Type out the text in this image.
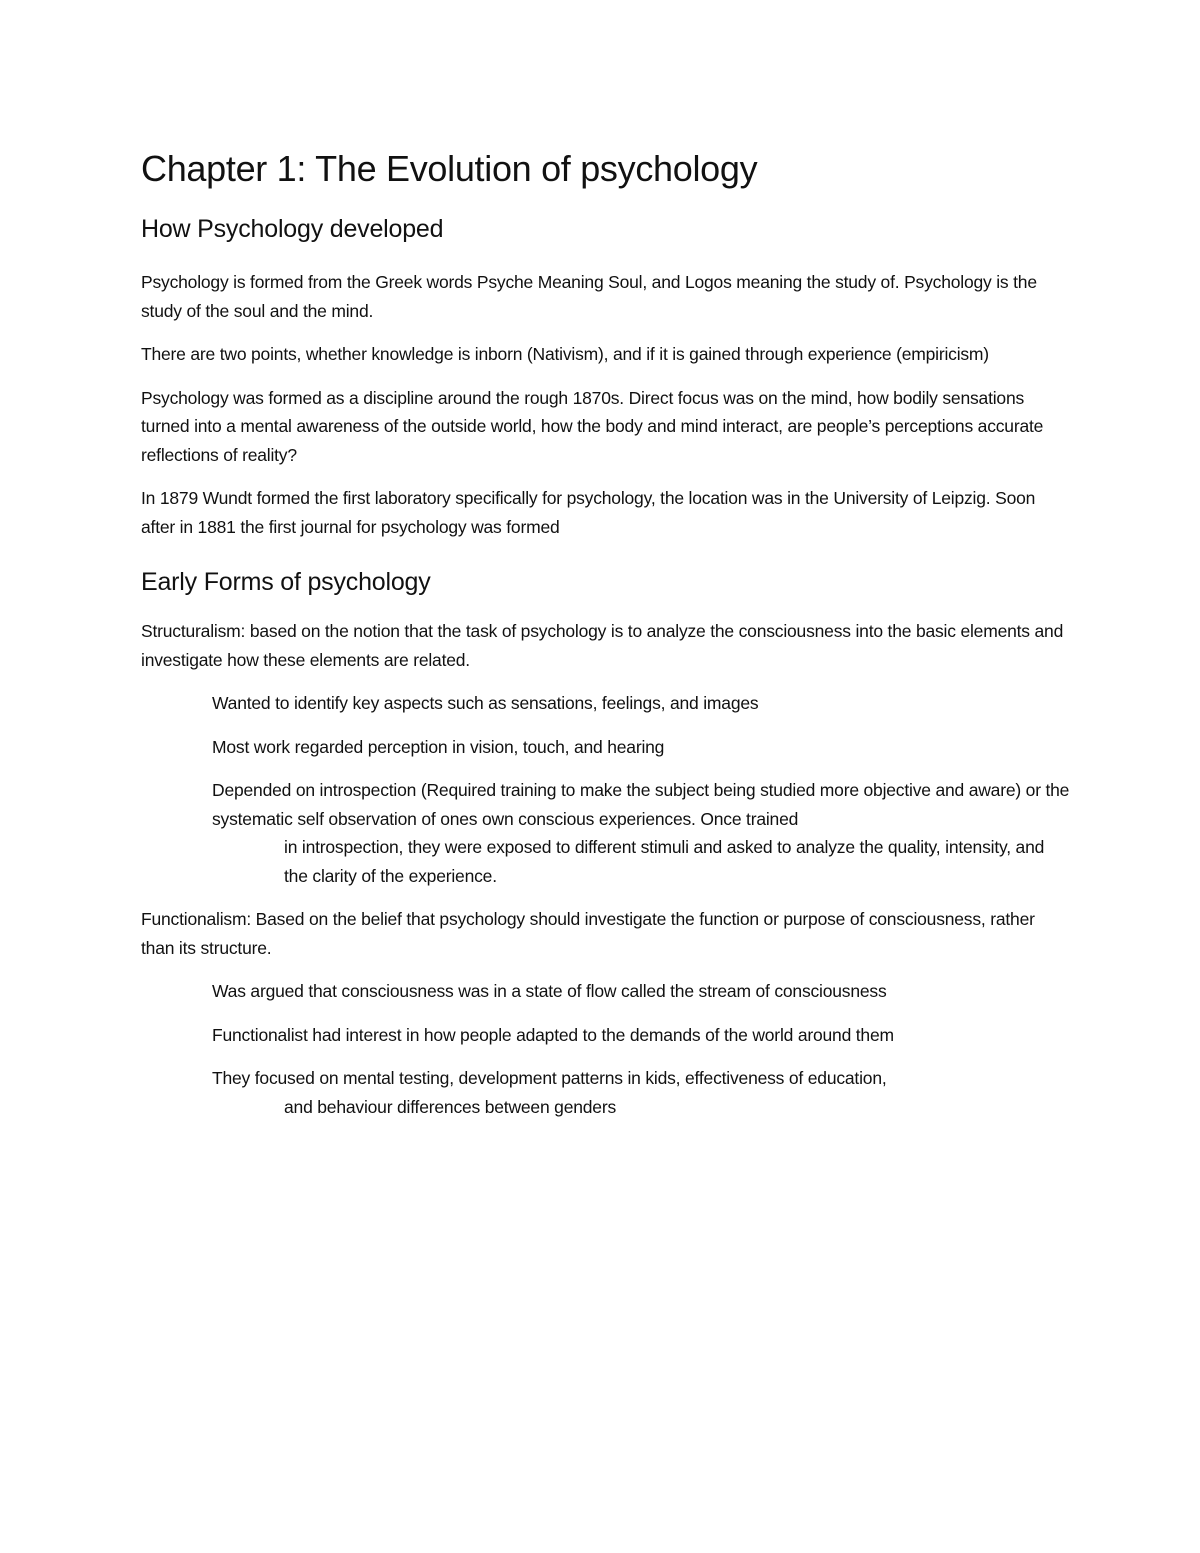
Chapter 1: The Evolution of psychology
How Psychology developed

Psychology is formed from the Greek words Psyche Meaning Soul, and Logos meaning the study of. Psychology is the study of the soul and the mind.

There are two points, whether knowledge is inborn (Nativism), and if it is gained through experience (empiricism)

Psychology was formed as a discipline around the rough 1870s. Direct focus was on the mind, how bodily sensations turned into a mental awareness of the outside world, how the body and mind interact, are people’s perceptions accurate reflections of reality?

In 1879 Wundt formed the first laboratory specifically for psychology, the location was in the University of Leipzig. Soon after in 1881 the first journal for psychology was formed

Early Forms of psychology

Structuralism: based on the notion that the task of psychology is to analyze the consciousness into the basic elements and investigate how these elements are related.

Wanted to identify key aspects such as sensations, feelings, and images

Most work regarded perception in vision, touch, and hearing

Depended on introspection (Required training to make the subject being studied more objective and aware) or the systematic self observation of ones own conscious experiences. Once trained
in introspection, they were exposed to different stimuli and asked to analyze the quality, intensity, and the clarity of the experience.

Functionalism: Based on the belief that psychology should investigate the function or purpose of consciousness, rather than its structure.

Was argued that consciousness was in a state of flow called the stream of consciousness

Functionalist had interest in how people adapted to the demands of the world around them

They focused on mental testing, development patterns in kids, effectiveness of education,
and behaviour differences between genders
